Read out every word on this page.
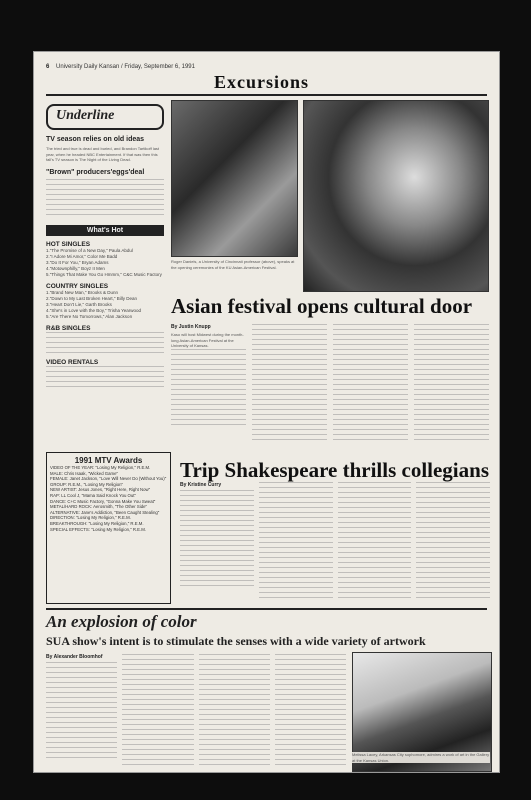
6 University Daily Kansan / Friday, September 6, 1991
Excursions
Underline
TV season relies on old ideas
The tried and true is dead and buried, and Brandon Tartikoff last year, when he headed NBC Entertainment. If that was then this fall's TV season is The Night of the Living Dead.
"Brown" producers'eggs'deal
What's Hot
HOT SINGLES
1."The Promise of a New Day," Paula Abdul
2."I Adore Mi Amor," Color Me Badd
3."Do It For You," Bryan Adams
4."Motownphilly," Boyz II Men
5."Things That Make You Go Hmmm," C&C Music Factory
COUNTRY SINGLES
1."Brand New Man," Brooks & Dunn
2."Down to My Last Broken Heart," Billy Dean
3."Heart Don't Lie," Garth Brooks
4."She's in Love with the Boy," Trisha Yearwood
5."Are There No Tomorrows," Alan Jackson
R&B SINGLES
VIDEO RENTALS
Roger Daniels, a University of Cincinnati professor (above), speaks at the opening ceremonies of the KU Asian-American Festival.
Asian festival opens cultural door
By Justin Knupp
Kaso will host Midwest during the month-long Asian-American Festival at the University of Kansas.
1991 MTV Awards
VIDEO OF THE YEAR: "Losing My Religion," R.E.M.
MALE: Chris Isaak, "Wicked Game"
FEMALE: Janet Jackson, "Love Will Never Do (Without You)"
GROUP: R.E.M., "Losing My Religion"
NEW ARTIST: Jesus Jones, "Right Here, Right Now"
RAP: LL Cool J, "Mama Said Knock You Out"
DANCE: C+C Music Factory, "Gonna Make You Sweat"
METAL/HARD ROCK: Aerosmith, "The Other Side"
ALTERNATIVE: Jane's Addiction, "Been Caught Stealing"
DIRECTION: "Losing My Religion," R.E.M.
BREAKTHROUGH: "Losing My Religion," R.E.M.
SPECIAL EFFECTS: "Losing My Religion," R.E.M.
Trip Shakespeare thrills collegians
By Kristine Curry
An explosion of color
SUA show's intent is to stimulate the senses with a wide variety of artwork
By Alexander Bloomhof
Melissa Lacey, Arkansas City sophomore, admires a work of art in the Gallery at the Kansas Union.
